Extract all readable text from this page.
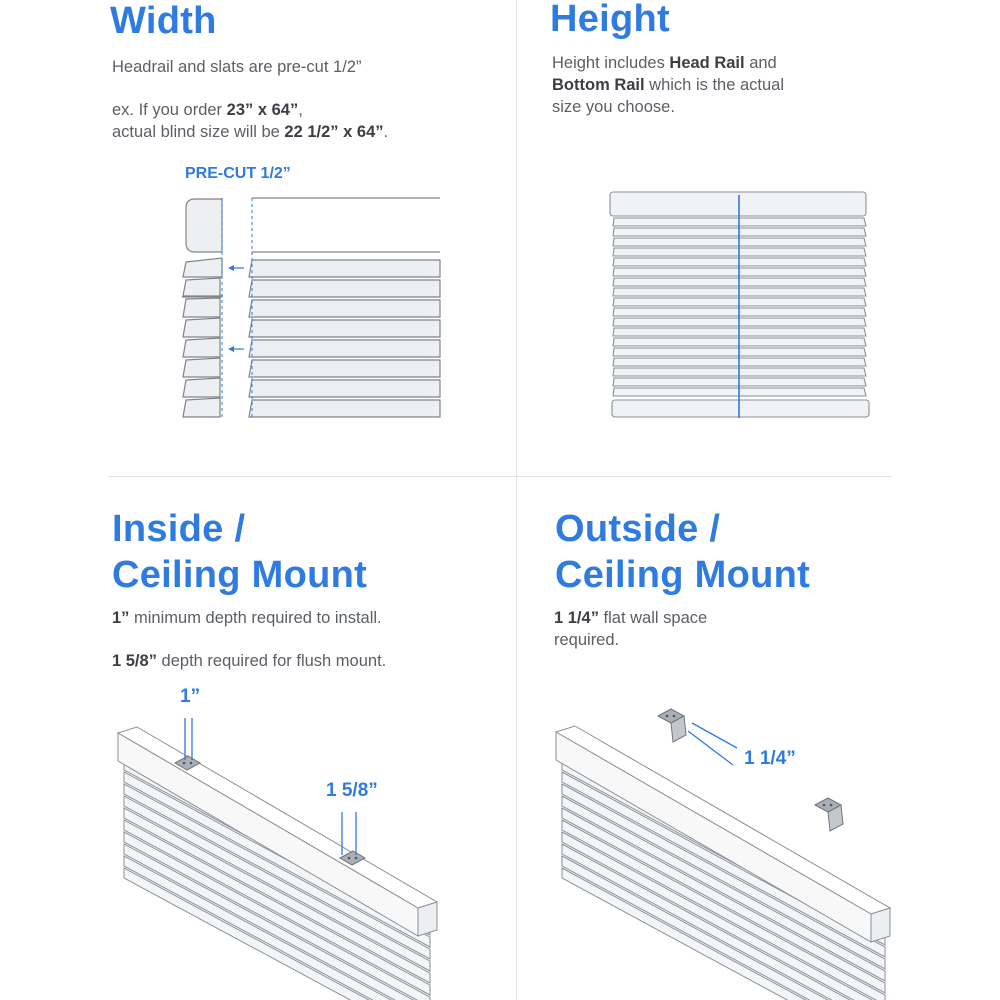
Width

Headrail and slats are pre-cut 1/2”

ex. If you order 23” x 64”,

actual blind size will be 22 1/2” x 64”.

PRE-CUT 1/2”

Height

Height includes Head Rail and

Bottom Rail which is the actual

size you choose.

Inside /
Ceiling Mount

1” minimum depth required to install.

1 5/8” depth required for flush mount.

1”

1 5/8”

Outside /
Ceiling Mount

1 1/4” flat wall space

required.

1 1/4”
